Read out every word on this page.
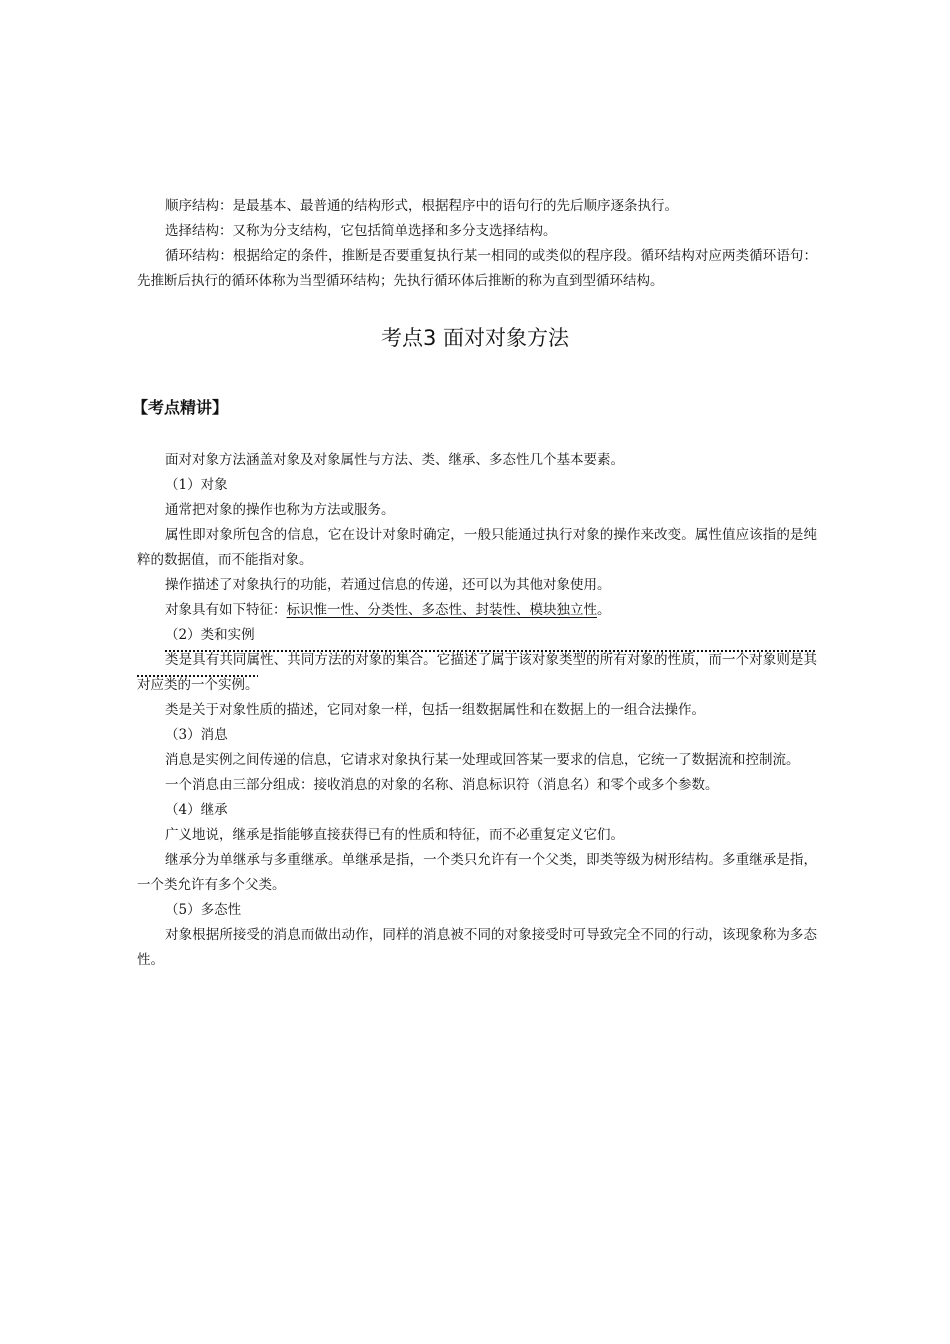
顺序结构：是最基本、最普通的结构形式，根据程序中的语句行的先后顺序逐条执行。

选择结构：又称为分支结构，它包括简单选择和多分支选择结构。

循环结构：根据给定的条件，推断是否要重复执行某一相同的或类似的程序段。循环结构对应两类循环语句：先推断后执行的循环体称为当型循环结构；先执行循环体后推断的称为直到型循环结构。

考点3 面对对象方法
【考点精讲】

面对对象方法涵盖对象及对象属性与方法、类、继承、多态性几个基本要素。

（1）对象

通常把对象的操作也称为方法或服务。

属性即对象所包含的信息，它在设计对象时确定，一般只能通过执行对象的操作来改变。属性值应该指的是纯粹的数据值，而不能指对象。

操作描述了对象执行的功能，若通过信息的传递，还可以为其他对象使用。

对象具有如下特征：标识惟一性、分类性、多态性、封装性、模块独立性。

（2）类和实例

类是具有共同属性、共同方法的对象的集合。它描述了属于该对象类型的所有对象的性质，而一个对象则是其对应类的一个实例。

类是关于对象性质的描述，它同对象一样，包括一组数据属性和在数据上的一组合法操作。

（3）消息

消息是实例之间传递的信息，它请求对象执行某一处理或回答某一要求的信息，它统一了数据流和控制流。

一个消息由三部分组成：接收消息的对象的名称、消息标识符（消息名）和零个或多个参数。

（4）继承

广义地说，继承是指能够直接获得已有的性质和特征，而不必重复定义它们。

继承分为单继承与多重继承。单继承是指，一个类只允许有一个父类，即类等级为树形结构。多重继承是指，一个类允许有多个父类。

（5）多态性

对象根据所接受的消息而做出动作，同样的消息被不同的对象接受时可导致完全不同的行动，该现象称为多态性。
